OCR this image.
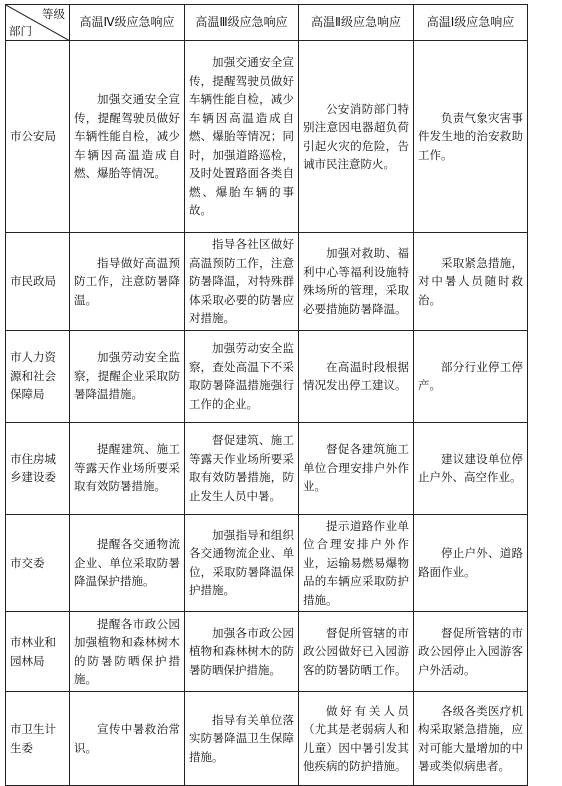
等级
部门	高温Ⅳ级应急响应	高温Ⅲ级应急响应	高温Ⅱ级应急响应	高温Ⅰ级应急响应
市公安局	加强交通安全宣传，提醒驾驶员做好车辆性能自检，减少车辆因高温造成自燃、爆胎等情况。	加强交通安全宣传，提醒驾驶员做好车辆性能自检，减少车辆因高温造成自燃、爆胎等情况；同时，加强道路巡检，及时处置路面各类自燃、爆胎车辆的事故。	公安消防部门特别注意因电器超负荷引起火灾的危险，告诫市民注意防火。	负责气象灾害事件发生地的治安救助工作。

市民政局	指导做好高温预防工作，注意防暑降温。	指导各社区做好高温预防工作，注意防暑降温，对特殊群体采取必要的防暑应对措施。	加强对救助、福利中心等福利设施特殊场所的管理，采取必要措施防暑降温。	采取紧急措施，对中暑人员随时救治。

市人力资源和社会保障局	加强劳动安全监察，提醒企业采取防暑降温措施。	加强劳动安全监察，查处高温下不采取防暑降温措施强行工作的企业。	在高温时段根据情况发出停工建议。	部分行业停工停产。

市住房城乡建设委	提醒建筑、施工等露天作业场所要采取有效防暑措施。	督促建筑、施工等露天作业场所要采取有效防暑措施，防止发生人员中暑。	督促各建筑施工单位合理安排户外作业。	建议建设单位停止户外、高空作业。

市交委	提醒各交通物流企业、单位采取防暑降温保护措施。	加强指导和组织各交通物流企业、单位，采取防暑降温保护措施。	提示道路作业单位合理安排户外作业，运输易燃易爆物品的车辆应采取防护措施。	停止户外、道路路面作业。

市林业和园林局	提醒各市政公园加强植物和森林树木的防暑防晒保护措施。	加强各市政公园植物和森林树木的防暑防晒保护措施。	督促所管辖的市政公园做好已入园游客的防暑防晒工作。	督促所管辖的市政公园停止入园游客户外活动。

市卫生计生委	宣传中暑救治常识。	指导有关单位落实防暑降温卫生保障措施。	做好有关人员（尤其是老弱病人和儿童）因中暑引发其他疾病的防护措施。	各级各类医疗机构采取紧急措施，应对可能大量增加的中暑或类似病患者。
